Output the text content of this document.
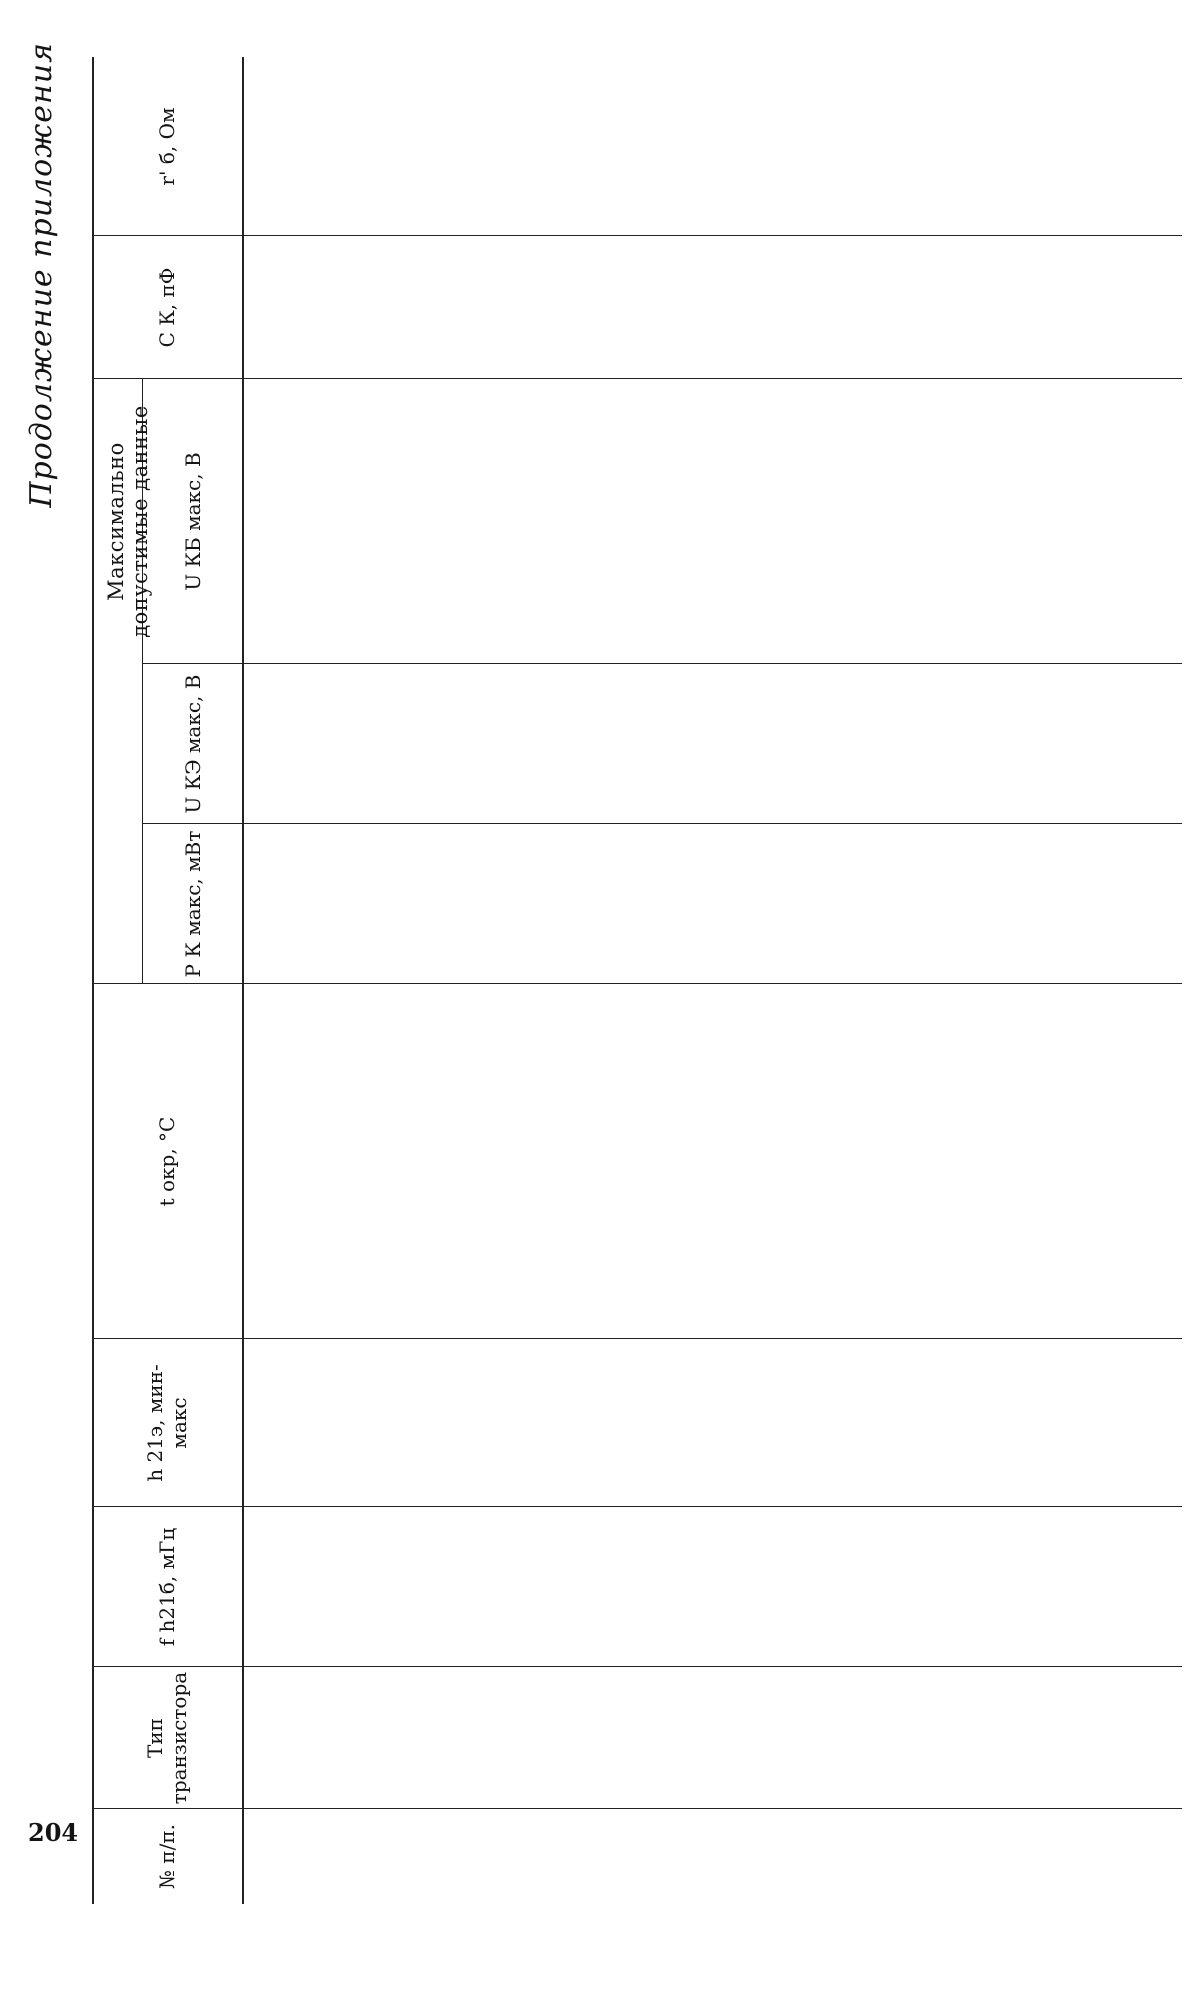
204
Продолжение приложения
Максимально допустимые данные
№ п/п.
Тип транзистора
f h21б, мГц
h 21э, мин-макс
t окр, °С
P К макс, мВт
U КЭ макс, В
U КБ макс, В
C К, пФ
r' б, Ом
